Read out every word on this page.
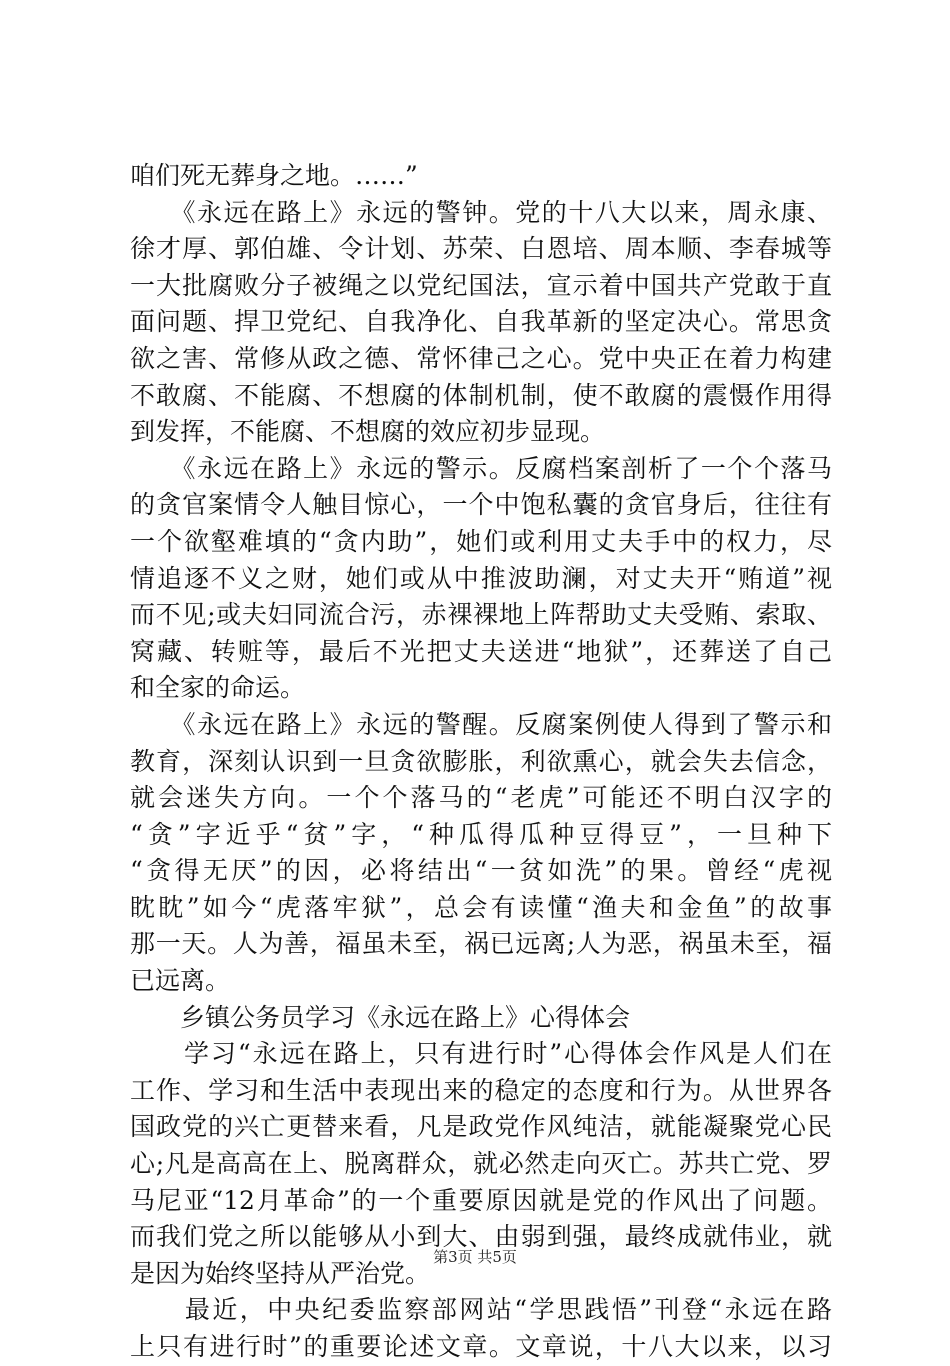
咱们死无葬身之地。……”
　　《永远在路上》永远的警钟。党的十八大以来，周永康、
徐才厚、郭伯雄、令计划、苏荣、白恩培、周本顺、李春城等
一大批腐败分子被绳之以党纪国法，宣示着中国共产党敢于直
面问题、捍卫党纪、自我净化、自我革新的坚定决心。常思贪
欲之害、常修从政之德、常怀律己之心。党中央正在着力构建
不敢腐、不能腐、不想腐的体制机制，使不敢腐的震慑作用得
到发挥，不能腐、不想腐的效应初步显现。
　　《永远在路上》永远的警示。反腐档案剖析了一个个落马
的贪官案情令人触目惊心，一个中饱私囊的贪官身后，往往有
一个欲壑难填的“贪内助”，她们或利用丈夫手中的权力，尽
情追逐不义之财，她们或从中推波助澜，对丈夫开“贿道”视
而不见;或夫妇同流合污，赤裸裸地上阵帮助丈夫受贿、索取、
窝藏、转赃等，最后不光把丈夫送进“地狱”，还葬送了自己
和全家的命运。
　　《永远在路上》永远的警醒。反腐案例使人得到了警示和
教育，深刻认识到一旦贪欲膨胀，利欲熏心，就会失去信念，
就会迷失方向。一个个落马的“老虎”可能还不明白汉字的
“贪”字近乎“贫”字，“种瓜得瓜种豆得豆”，一旦种下
“贪得无厌”的因，必将结出“一贫如洗”的果。曾经“虎视
眈眈”如今“虎落牢狱”，总会有读懂“渔夫和金鱼”的故事
那一天。人为善，福虽未至，祸已远离;人为恶，祸虽未至，福
已远离。
　　乡镇公务员学习《永远在路上》心得体会
　　学习“永远在路上，只有进行时”心得体会作风是人们在
工作、学习和生活中表现出来的稳定的态度和行为。从世界各
国政党的兴亡更替来看，凡是政党作风纯洁，就能凝聚党心民
心;凡是高高在上、脱离群众，就必然走向灭亡。苏共亡党、罗
马尼亚“12月革命”的一个重要原因就是党的作风出了问题。
而我们党之所以能够从小到大、由弱到强，最终成就伟业，就
是因为始终坚持从严治党。
　　最近，中央纪委监察部网站“学思践悟”刊登“永远在路
上只有进行时”的重要论述文章。文章说，十八大以来，以习
第3页 共5页
